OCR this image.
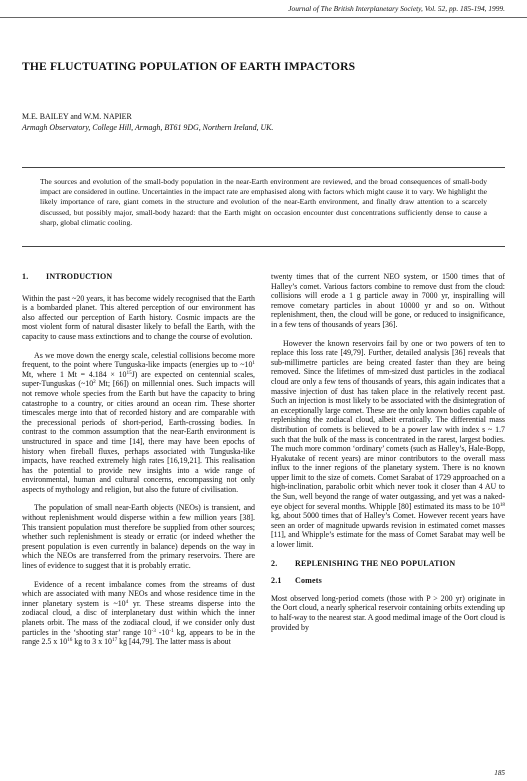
Journal of The British Interplanetary Society, Vol. 52, pp. 185-194, 1999.
THE FLUCTUATING POPULATION OF EARTH IMPACTORS
M.E. BAILEY and W.M. NAPIER
Armagh Observatory, College Hill, Armagh, BT61 9DG, Northern Ireland, UK.
The sources and evolution of the small-body population in the near-Earth environment are reviewed, and the broad consequences of small-body impact are considered in outline. Uncertainties in the impact rate are emphasised along with factors which might cause it to vary. We highlight the likely importance of rare, giant comets in the structure and evolution of the near-Earth environment, and finally draw attention to a scarcely discussed, but possibly major, small-body hazard: that the Earth might on occasion encounter dust concentrations sufficiently dense to cause a sharp, global climatic cooling.
1. INTRODUCTION

Within the past ~20 years, it has become widely recognised that the Earth is a bombarded planet. This altered perception of our environment has also affected our perception of Earth history. Cosmic impacts are the most violent form of natural disaster likely to befall the Earth, with the capacity to cause mass extinctions and to change the course of evolution.

As we move down the energy scale, celestial collisions become more frequent, to the point where Tunguska-like impacts (energies up to $\sim 10^1$ Mt, where 1 $Mt = 4.184 \times 10^{15}J$) are expected on centennial scales, super-Tunguskas ($\sim 10^2$ Mt; [66]) on millennial ones. Such impacts will not remove whole species from the Earth but have the capacity to bring catastrophe to a country, or cities around an ocean rim. These shorter timescales merge into that of recorded history and are comparable with the precessional periods of short-period, Earth-crossing bodies. In contrast to the common assumption that the near-Earth environment is unstructured in space and time [14], there may have been epochs of history when fireball fluxes, perhaps associated with Tunguska-like impacts, have reached extremely high rates [16,19,21]. This realisation has the potential to provide new insights into a wide range of environmental, human and cultural concerns, encompassing not only aspects of mythology and religion, but also the future of civilisation.

The population of small near-Earth objects (NEOs) is transient, and without replenishment would disperse within a few million years [38]. This transient population must therefore be supplied from other sources; whether such replenishment is steady or erratic (or indeed whether the present population is even currently in balance) depends on the way in which the NEOs are transferred from the primary reservoirs. There are lines of evidence to suggest that it is probably erratic.

Evidence of a recent imbalance comes from the streams of dust which are associated with many NEOs and whose residence time in the inner planetary system is $\sim 10^4$ yr. These streams disperse into the zodiacal cloud, a disc of interplanetary dust within which the inner planets orbit. The mass of the zodiacal cloud, if we consider only dust particles in the ‘shooting star’ range $10^{-3}$ $-10^{-1}$ kg, appears to be in the range 2.5 x $10^{16}$ kg to 3 x $10^{17}$ kg [44,79]. The latter mass is about

twenty times that of the current NEO system, or 1500 times that of Halley’s comet. Various factors combine to remove dust from the cloud: collisions will erode a 1 g particle away in 7000 yr, inspiralling will remove cometary particles in about 10000 yr and so on. Without replenishment, then, the cloud will be gone, or reduced to insignificance, in a few tens of thousands of years [36].

However the known reservoirs fail by one or two powers of ten to replace this loss rate [49,79]. Further, detailed analysis [36] reveals that sub-millimetre particles are being created faster than they are being removed. Since the lifetimes of mm-sized dust particles in the zodiacal cloud are only a few tens of thousands of years, this again indicates that a massive injection of dust has taken place in the relatively recent past. Such an injection is most likely to be associated with the disintegration of an exceptionally large comet. These are the only known bodies capable of replenishing the zodiacal cloud, albeit erratically. The differential mass distribution of comets is believed to be a power law with index s ~ 1.7 such that the bulk of the mass is concentrated in the rarest, largest bodies. The much more common ‘ordinary’ comets (such as Halley’s, Hale-Bopp, Hyakutake of recent years) are minor contributors to the overall mass influx to the inner regions of the planetary system. There is no known upper limit to the size of comets. Comet Sarabat of 1729 approached on a high-inclination, parabolic orbit which never took it closer than 4 AU to the Sun, well beyond the range of water outgassing, and yet was a naked-eye object for several months. Whipple [80] estimated its mass to be $10^{18}$ kg, about 5000 times that of Halley’s Comet. However recent years have seen an order of magnitude upwards revision in estimated comet masses [11], and Whipple’s estimate for the mass of Comet Sarabat may well be a lower limit.

2. REPLENISHING THE NEO POPULATION
2.1 Comets

Most observed long-period comets (those with P > 200 yr) originate in the Oort cloud, a nearly spherical reservoir containing orbits extending up to half-way to the nearest star. A good medimal image of the Oort cloud is provided by

185
